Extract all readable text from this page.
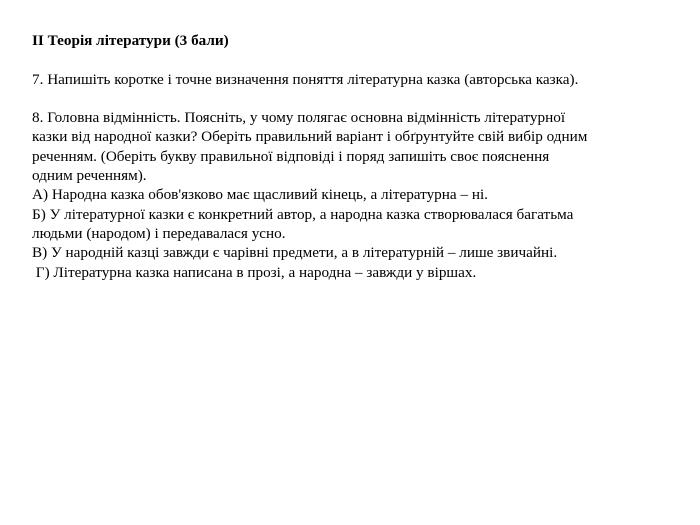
II Теорія літератури (3 бали)

7. Напишіть коротке і точне визначення поняття літературна казка (авторська казка).

8. Головна відмінність. Поясніть, у чому полягає основна відмінність літературної

казки від народної казки? Оберіть правильний варіант і обґрунтуйте свій вибір одним

реченням. (Оберіть букву правильної відповіді і поряд запишіть своє пояснення

одним реченням).

А) Народна казка обов'язково має щасливий кінець, а літературна – ні.

Б) У літературної казки є конкретний автор, а народна казка створювалася багатьма

людьми (народом) і передавалася усно.

В) У народній казці завжди є чарівні предмети, а в літературній – лише звичайні.

Г) Літературна казка написана в прозі, а народна – завжди у віршах.
